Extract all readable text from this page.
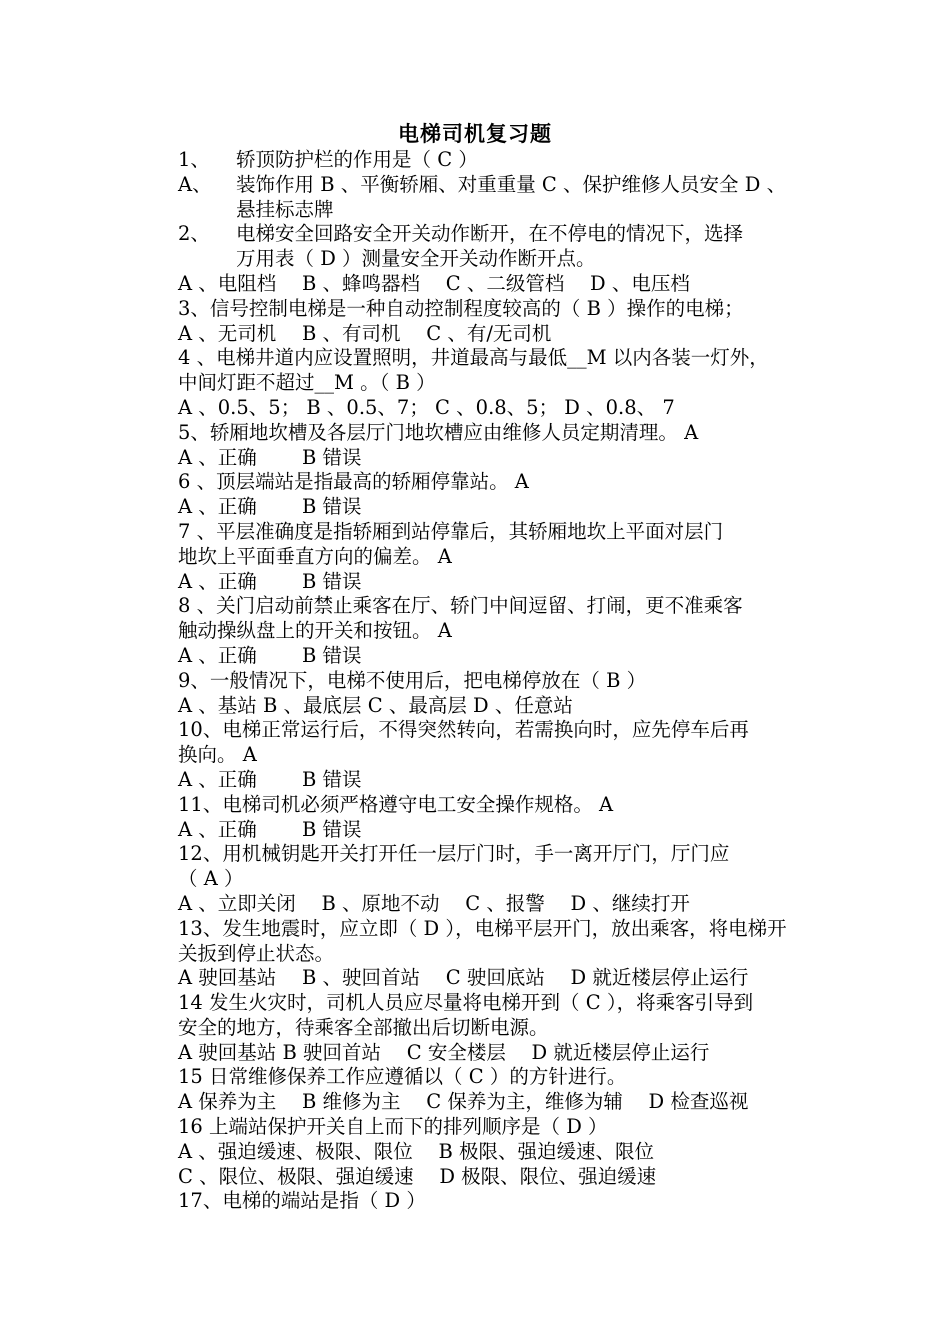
电梯司机复习题
1、 轿顶防护栏的作用是（ C ）
A、 装饰作用 B 、平衡轿厢、对重重量 C 、保护维修人员安全 D 、
悬挂标志牌
2、 电梯安全回路安全开关动作断开，在不停电的情况下，选择
万用表（ D ）测量安全开关动作断开点。
A 、电阻档　 B 、蜂鸣器档　 C 、二级管档　 D 、电压档
3、信号控制电梯是一种自动控制程度较高的（ B ）操作的电梯；
A 、无司机　 B 、有司机　 C 、有/无司机
4 、电梯井道内应设置照明，井道最高与最低__M 以内各装一灯外，
中间灯距不超过__M 。（ B ）
A 、0.5、5； B 、0.5、7； C 、0.8、5； D 、0.8、 7
5、轿厢地坎槽及各层厅门地坎槽应由维修人员定期清理。 A
A 、正确　　 B 错误
6 、顶层端站是指最高的轿厢停靠站。 A
A 、正确　　 B 错误
7 、平层准确度是指轿厢到站停靠后，其轿厢地坎上平面对层门
地坎上平面垂直方向的偏差。 A
A 、正确　　 B 错误
8 、关门启动前禁止乘客在厅、轿门中间逗留、打闹，更不准乘客
触动操纵盘上的开关和按钮。 A
A 、正确　　 B 错误
9、一般情况下，电梯不使用后，把电梯停放在（ B ）
A 、基站 B 、最底层 C 、最高层 D 、任意站
10、电梯正常运行后，不得突然转向，若需换向时，应先停车后再
换向。 A
A 、正确　　 B 错误
11、电梯司机必须严格遵守电工安全操作规格。 A
A 、正确　　 B 错误
12、用机械钥匙开关打开任一层厅门时，手一离开厅门，厅门应
（ A ）
A 、立即关闭　 B 、原地不动　 C 、报警　 D 、继续打开
13、发生地震时，应立即（ D ），电梯平层开门，放出乘客，将电梯开
关扳到停止状态。
A 驶回基站　 B 、驶回首站　 C 驶回底站　 D 就近楼层停止运行
14 发生火灾时，司机人员应尽量将电梯开到（ C ），将乘客引导到
安全的地方，待乘客全部撤出后切断电源。
A 驶回基站 B 驶回首站　 C 安全楼层　 D 就近楼层停止运行
15 日常维修保养工作应遵循以（ C ）的方针进行。
A 保养为主　 B 维修为主　 C 保养为主，维修为辅　 D 检查巡视
16 上端站保护开关自上而下的排列顺序是（ D ）
A 、强迫缓速、极限、限位　 B 极限、强迫缓速、限位
C 、限位、极限、强迫缓速　 D 极限、限位、强迫缓速
17、电梯的端站是指（ D ）
